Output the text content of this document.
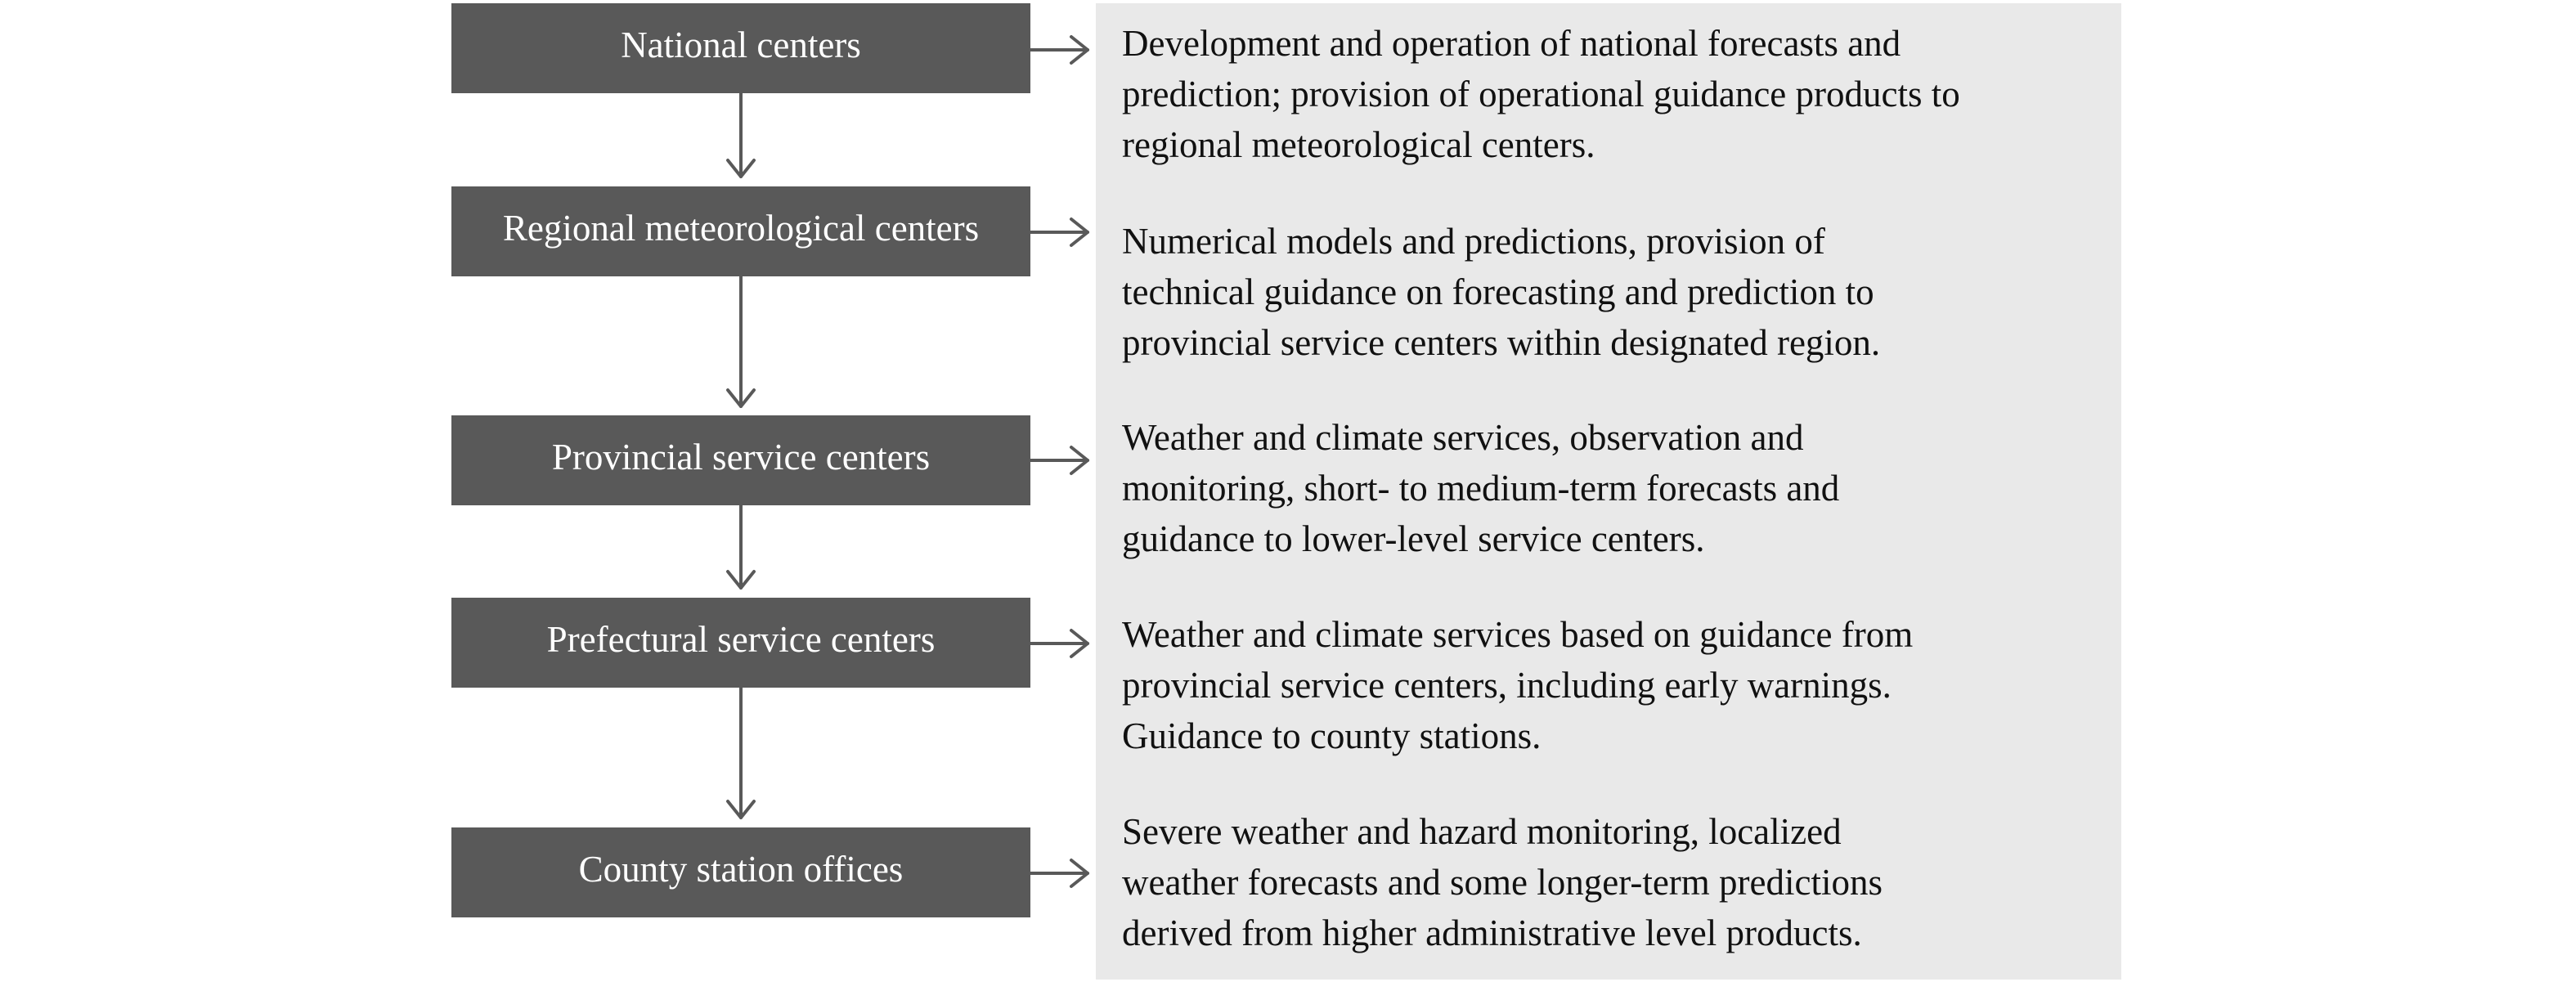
National centers
Regional meteorological centers
Provincial service centers
Prefectural service centers
County station offices
Development and operation of national forecasts and
prediction; provision of operational guidance products to
regional meteorological centers.
Numerical models and predictions, provision of
technical guidance on forecasting and prediction to
provincial service centers within designated region.
Weather and climate services, observation and
monitoring, short- to medium-term forecasts and
guidance to lower-level service centers.
Weather and climate services based on guidance from
provincial service centers, including early warnings.
Guidance to county stations.
Severe weather and hazard monitoring, localized
weather forecasts and some longer-term predictions
derived from higher administrative level products.
